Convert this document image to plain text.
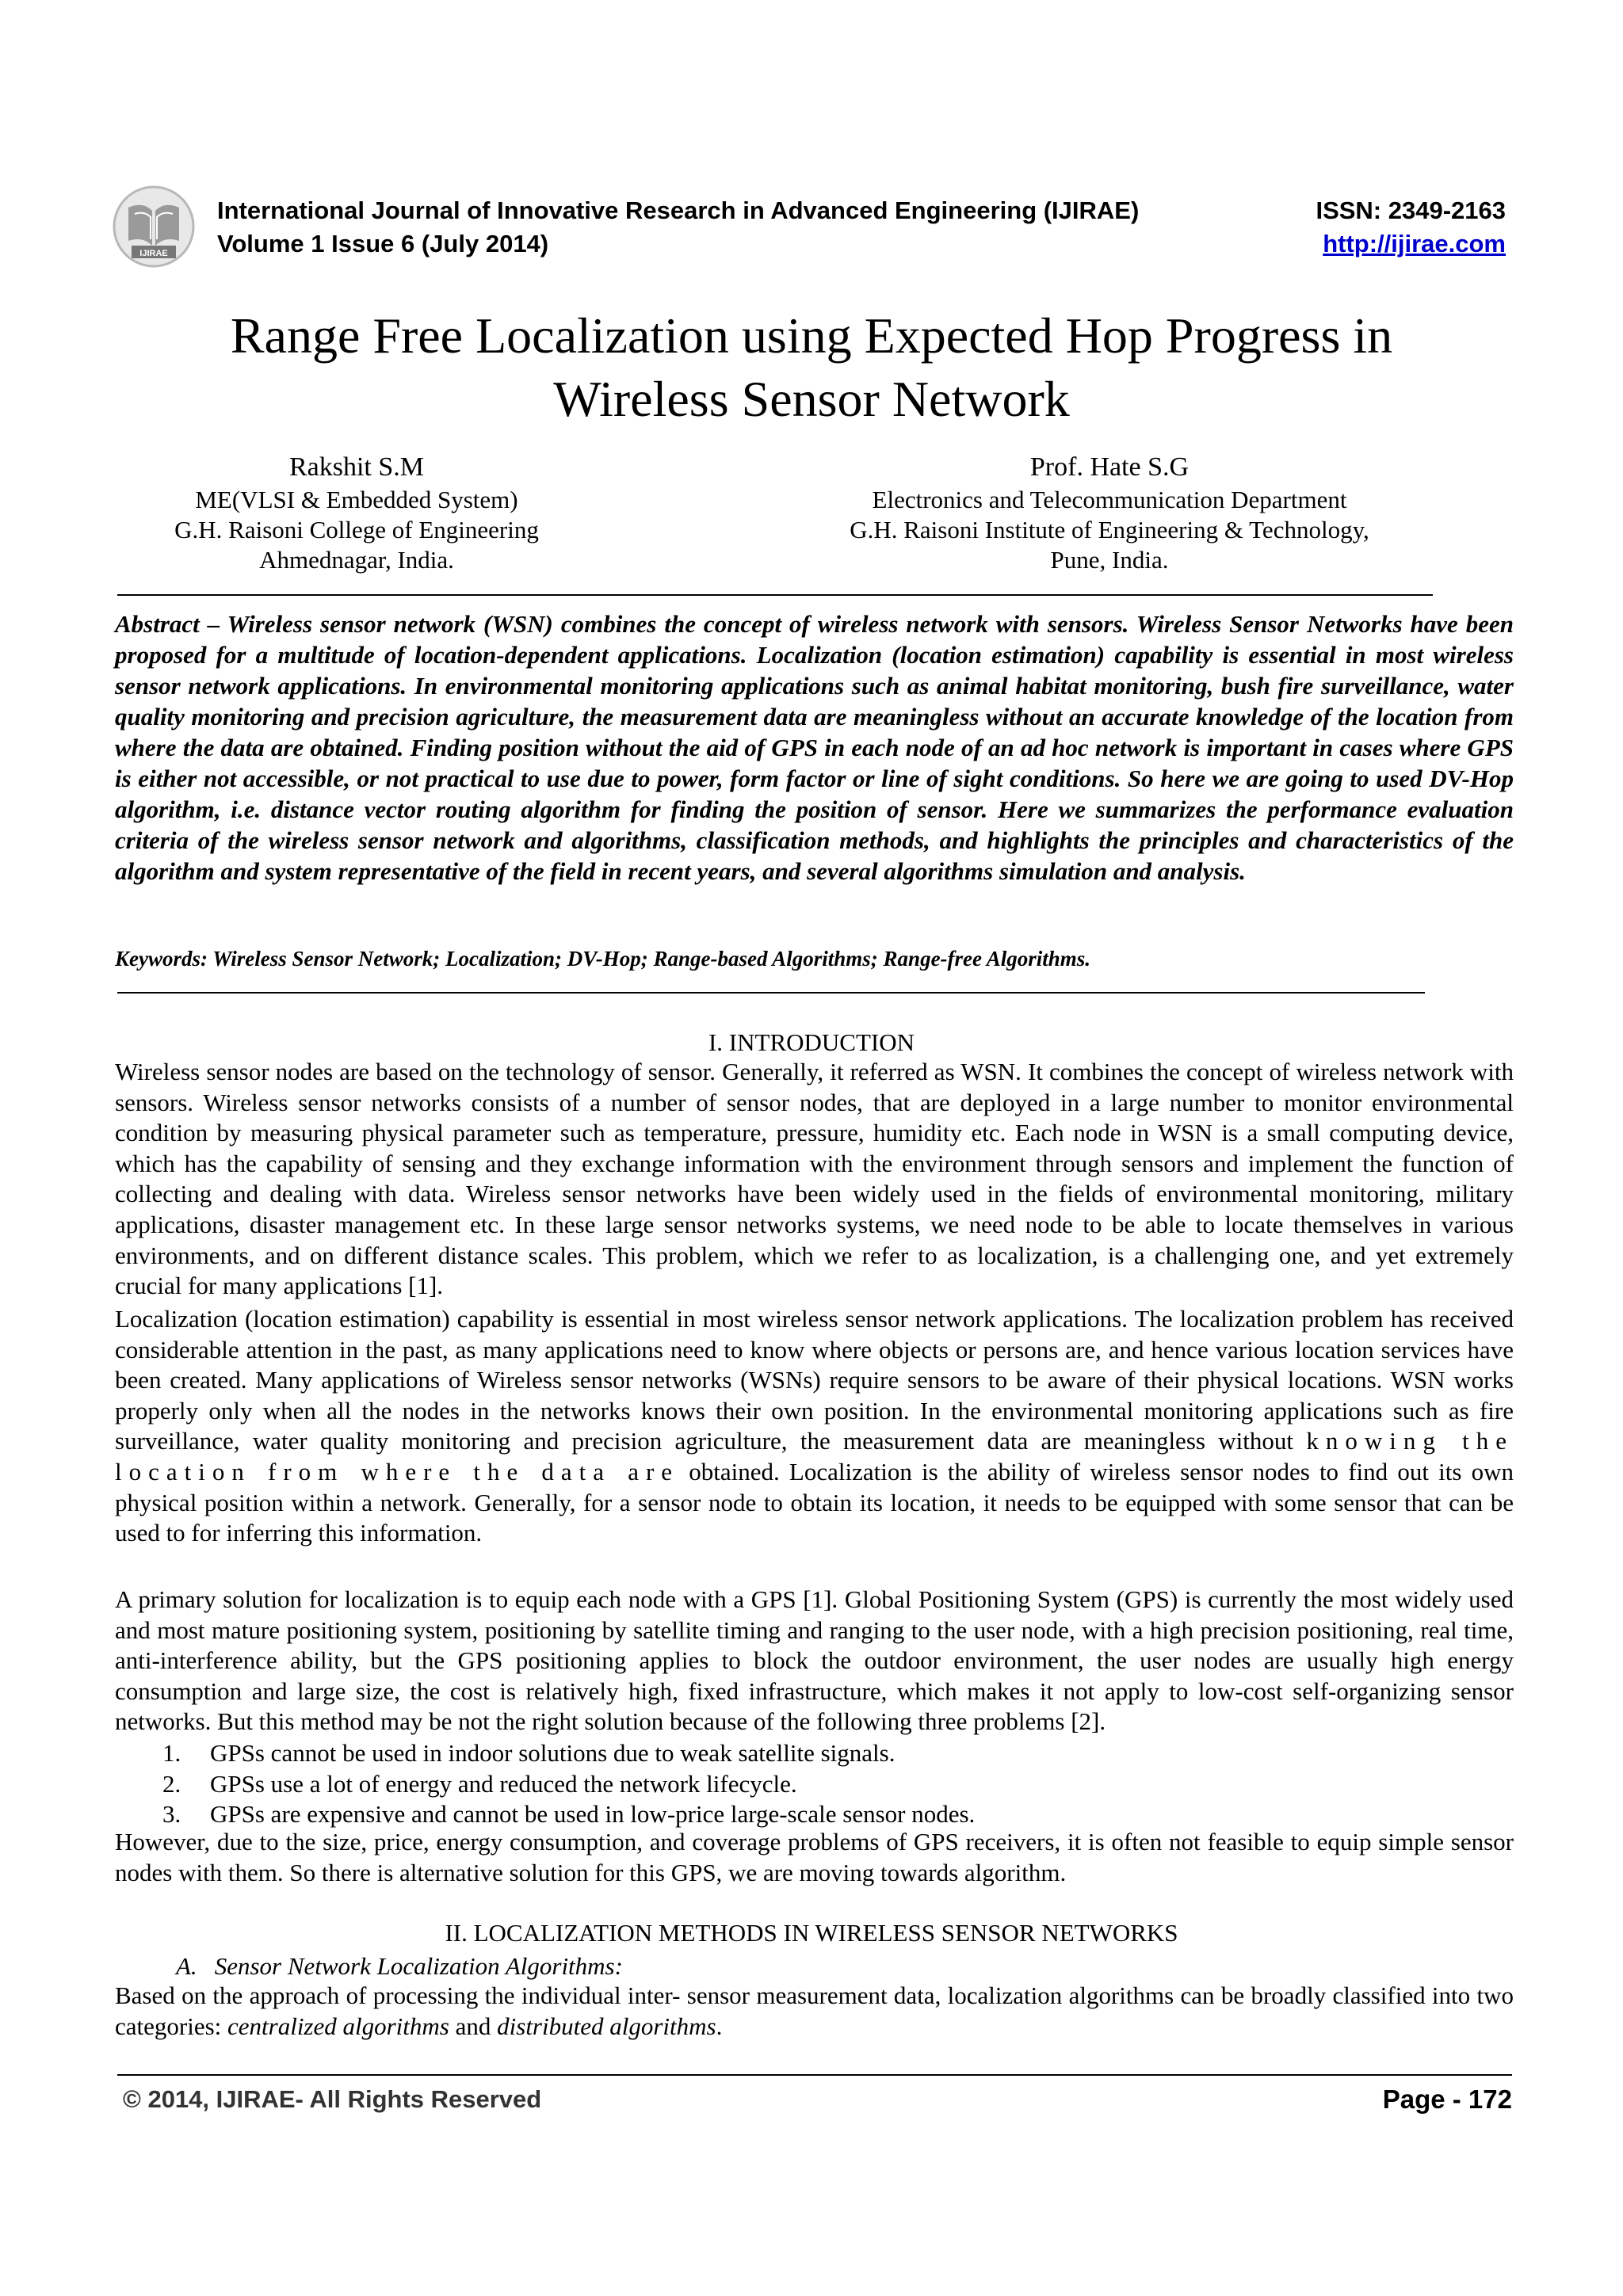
IJIRAE
International Journal of Innovative Research in Advanced Engineering (IJIRAE)
Volume 1 Issue 6 (July 2014)
ISSN: 2349-2163
http://ijirae.com
Range Free Localization using Expected Hop Progress in
Wireless Sensor Network
Rakshit S.M
ME(VLSI & Embedded System)
G.H. Raisoni College of Engineering
Ahmednagar, India.
Prof. Hate S.G
Electronics and Telecommunication Department
G.H. Raisoni Institute of Engineering & Technology,
Pune, India.
Abstract – Wireless sensor network (WSN) combines the concept of wireless network with sensors. Wireless Sensor Networks have been proposed for a multitude of location-dependent applications. Localization (location estimation) capability is essential in most wireless sensor network applications. In environmental monitoring applications such as animal habitat monitoring, bush fire surveillance, water quality monitoring and precision agriculture, the measurement data are meaningless without an accurate knowledge of the location from where the data are obtained. Finding position without the aid of GPS in each node of an ad hoc network is important in cases where GPS is either not accessible, or not practical to use due to power, form factor or line of sight conditions. So here we are going to used DV-Hop algorithm, i.e. distance vector routing algorithm for finding the position of sensor. Here we summarizes the performance evaluation criteria of the wireless sensor network and algorithms, classification methods, and highlights the principles and characteristics of the algorithm and system representative of the field in recent years, and several algorithms simulation and analysis.
Keywords: Wireless Sensor Network; Localization; DV-Hop; Range-based Algorithms; Range-free Algorithms.
I. INTRODUCTION
Wireless sensor nodes are based on the technology of sensor. Generally, it referred as WSN. It combines the concept of wireless network with sensors. Wireless sensor networks consists of a number of sensor nodes, that are deployed in a large number to monitor environmental condition by measuring physical parameter such as temperature, pressure, humidity etc. Each node in WSN is a small computing device, which has the capability of sensing and they exchange information with the environment through sensors and implement the function of collecting and dealing with data. Wireless sensor networks have been widely used in the fields of environmental monitoring, military applications, disaster management etc. In these large sensor networks systems, we need node to be able to locate themselves in various environments, and on different distance scales. This problem, which we refer to as localization, is a challenging one, and yet extremely crucial for many applications [1].
Localization (location estimation) capability is essential in most wireless sensor network applications. The localization problem has received considerable attention in the past, as many applications need to know where objects or persons are, and hence various location services have been created. Many applications of Wireless sensor networks (WSNs) require sensors to be aware of their physical locations. WSN works properly only when all the nodes in the networks knows their own position. In the environmental monitoring applications such as fire surveillance, water quality monitoring and precision agriculture, the measurement data are meaningless without knowing the location from where the data are obtained. Localization is the ability of wireless sensor nodes to find out its own physical position within a network. Generally, for a sensor node to obtain its location, it needs to be equipped with some sensor that can be used to for inferring this information.
A primary solution for localization is to equip each node with a GPS [1]. Global Positioning System (GPS) is currently the most widely used and most mature positioning system, positioning by satellite timing and ranging to the user node, with a high precision positioning, real time, anti-interference ability, but the GPS positioning applies to block the outdoor environment, the user nodes are usually high energy consumption and large size, the cost is relatively high, fixed infrastructure, which makes it not apply to low-cost self-organizing sensor networks. But this method may be not the right solution because of the following three problems [2].
1. GPSs cannot be used in indoor solutions due to weak satellite signals.
2. GPSs use a lot of energy and reduced the network lifecycle.
3. GPSs are expensive and cannot be used in low-price large-scale sensor nodes.
However, due to the size, price, energy consumption, and coverage problems of GPS receivers, it is often not feasible to equip simple sensor nodes with them. So there is alternative solution for this GPS, we are moving towards algorithm.
II. LOCALIZATION METHODS IN WIRELESS SENSOR NETWORKS
A. Sensor Network Localization Algorithms:
Based on the approach of processing the individual inter- sensor measurement data, localization algorithms can be broadly classified into two categories: centralized algorithms and distributed algorithms.
© 2014, IJIRAE- All Rights Reserved	Page - 172
